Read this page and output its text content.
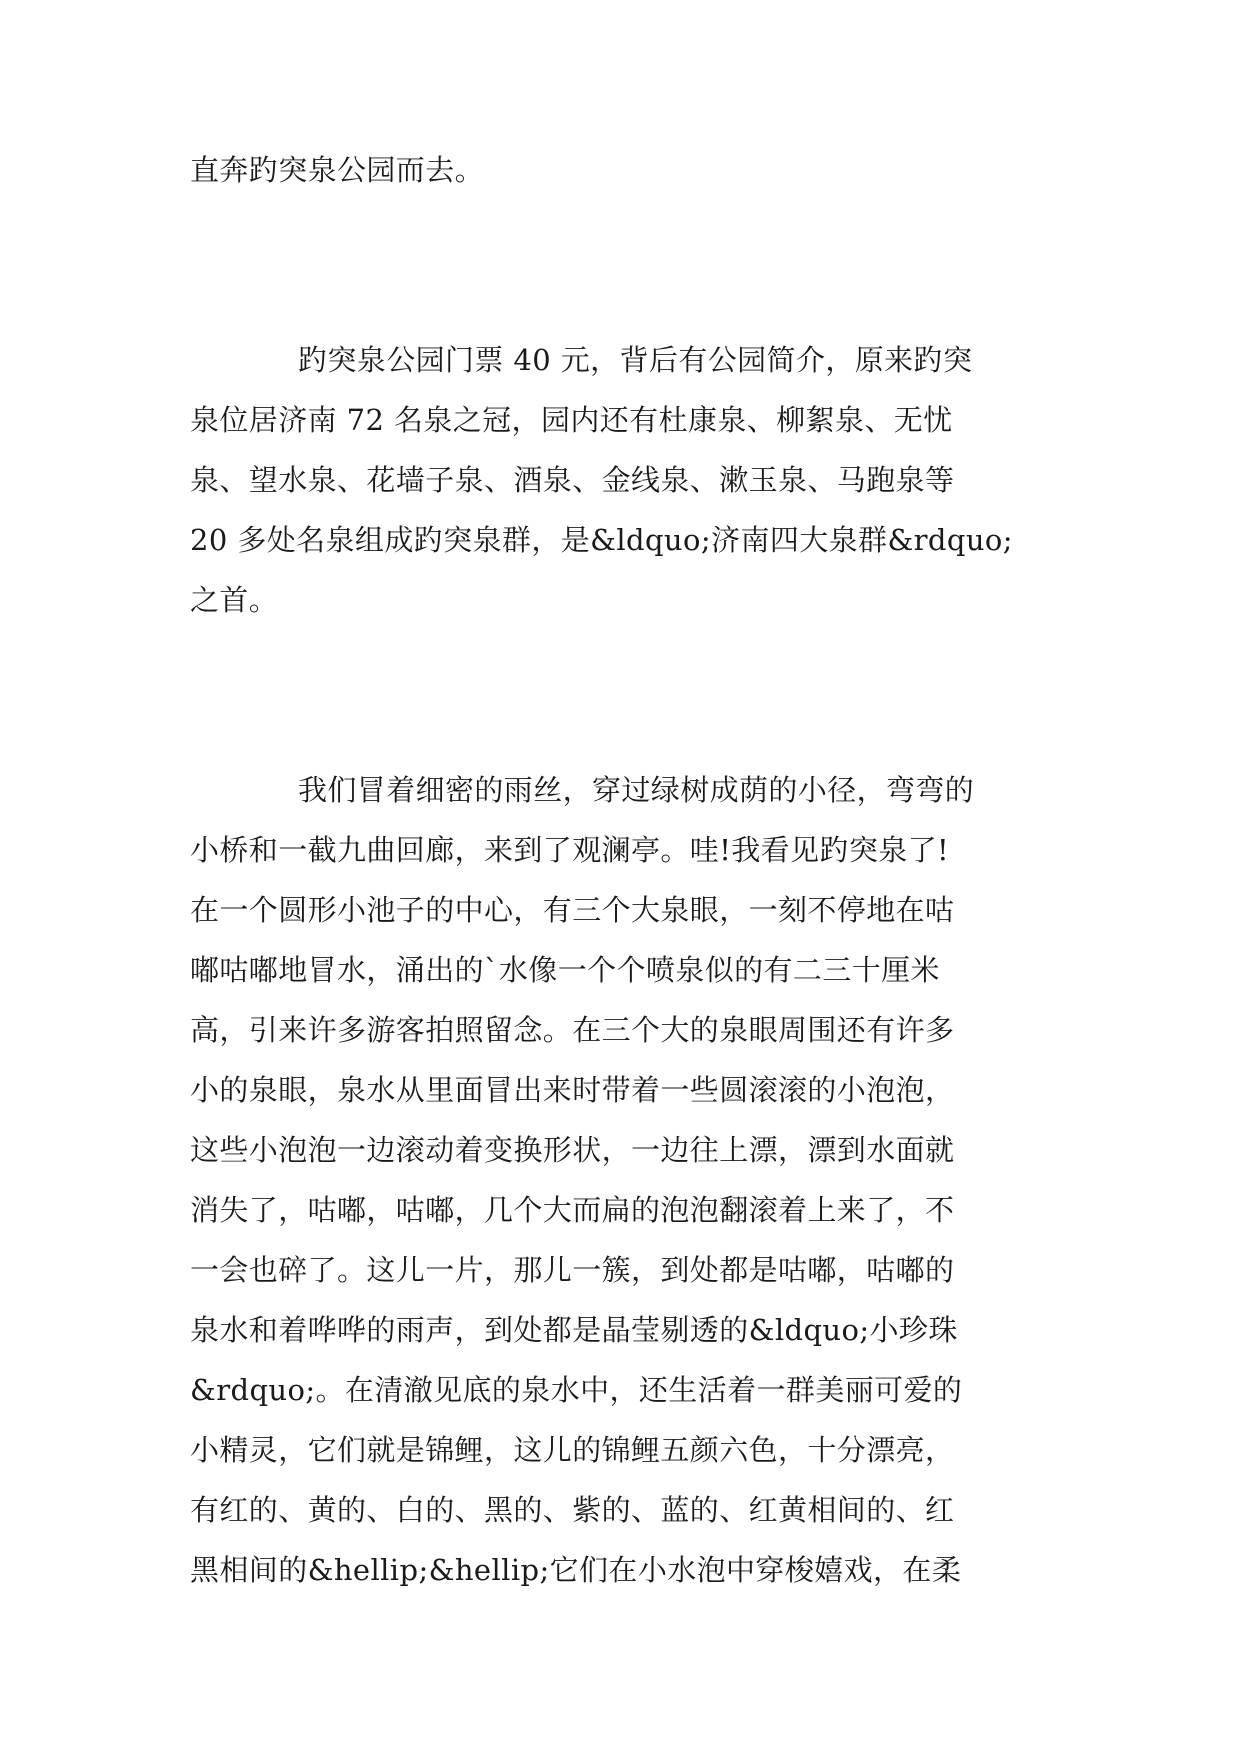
直奔趵突泉公园而去。
趵突泉公园门票 40 元，背后有公园简介，原来趵突
泉位居济南 72 名泉之冠，园内还有杜康泉、柳絮泉、无忧
泉、望水泉、花墙子泉、酒泉、金线泉、漱玉泉、马跑泉等
20 多处名泉组成趵突泉群，是&ldquo;济南四大泉群&rdquo;
之首。
我们冒着细密的雨丝，穿过绿树成荫的小径，弯弯的
小桥和一截九曲回廊，来到了观澜亭。哇!我看见趵突泉了!
在一个圆形小池子的中心，有三个大泉眼，一刻不停地在咕
嘟咕嘟地冒水，涌出的`水像一个个喷泉似的有二三十厘米
高，引来许多游客拍照留念。在三个大的泉眼周围还有许多
小的泉眼，泉水从里面冒出来时带着一些圆滚滚的小泡泡，
这些小泡泡一边滚动着变换形状，一边往上漂，漂到水面就
消失了，咕嘟，咕嘟，几个大而扁的泡泡翻滚着上来了，不
一会也碎了。这儿一片，那儿一簇，到处都是咕嘟，咕嘟的
泉水和着哗哗的雨声，到处都是晶莹剔透的&ldquo;小珍珠
&rdquo;。在清澈见底的泉水中，还生活着一群美丽可爱的
小精灵，它们就是锦鲤，这儿的锦鲤五颜六色，十分漂亮，
有红的、黄的、白的、黑的、紫的、蓝的、红黄相间的、红
黑相间的&hellip;&hellip;它们在小水泡中穿梭嬉戏，在柔
